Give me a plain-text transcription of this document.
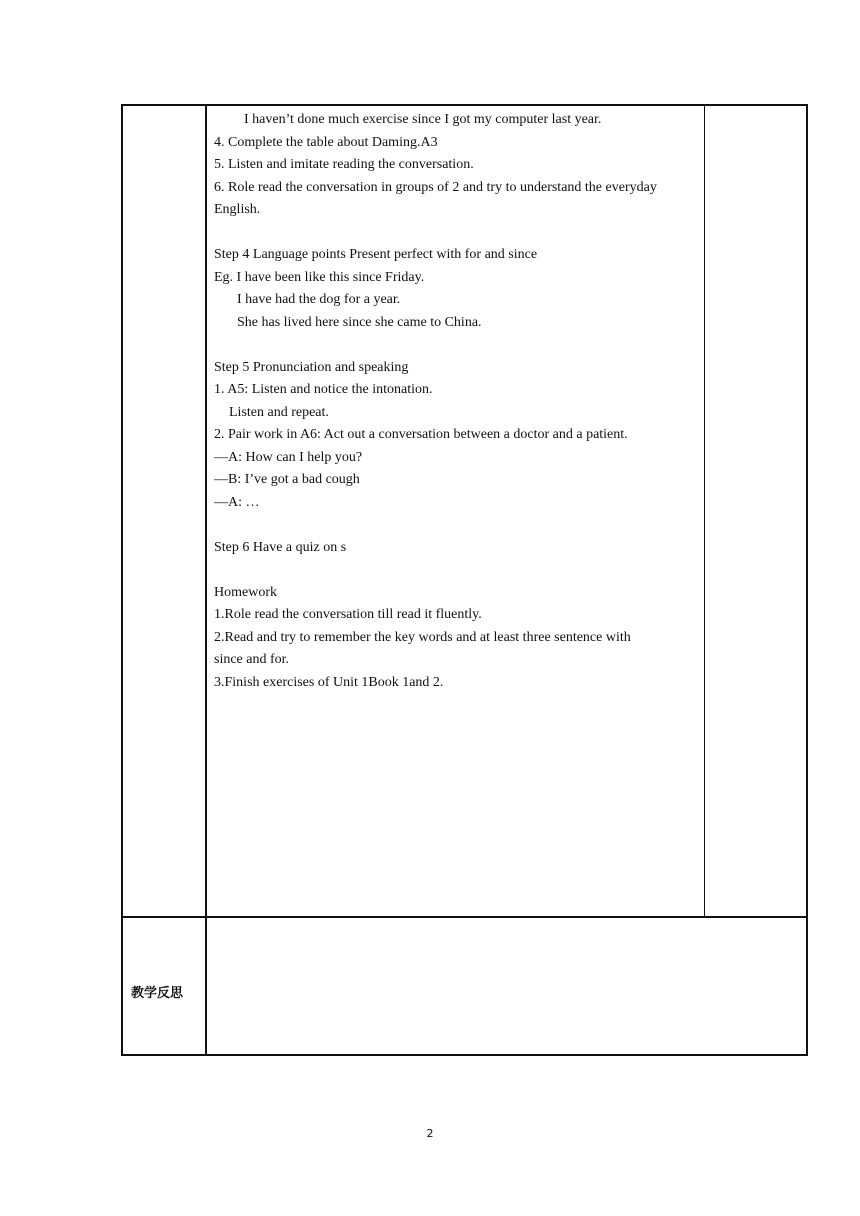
I haven’t done much exercise since I got my computer last year.
4. Complete the table about Daming.A3
5. Listen and imitate reading the conversation.
6. Role read the conversation in groups of 2 and try to understand the everyday
English.
Step 4 Language points Present perfect with for and since
Eg. I have been like this since Friday.
I have had the dog for a year.
She has lived here since she came to China.
Step 5 Pronunciation and speaking
1. A5: Listen and notice the intonation.
Listen and repeat.
2. Pair work in A6: Act out a conversation between a doctor and a patient.
—A: How can I help you?
—B: I’ve got a bad cough
—A: …
Step 6 Have a quiz on s
Homework
1.Role read the conversation till read it fluently.
2.Read and try to remember the key words and at least three sentence with
since and for.
3.Finish exercises of Unit 1Book 1and 2.
教学反思
2
